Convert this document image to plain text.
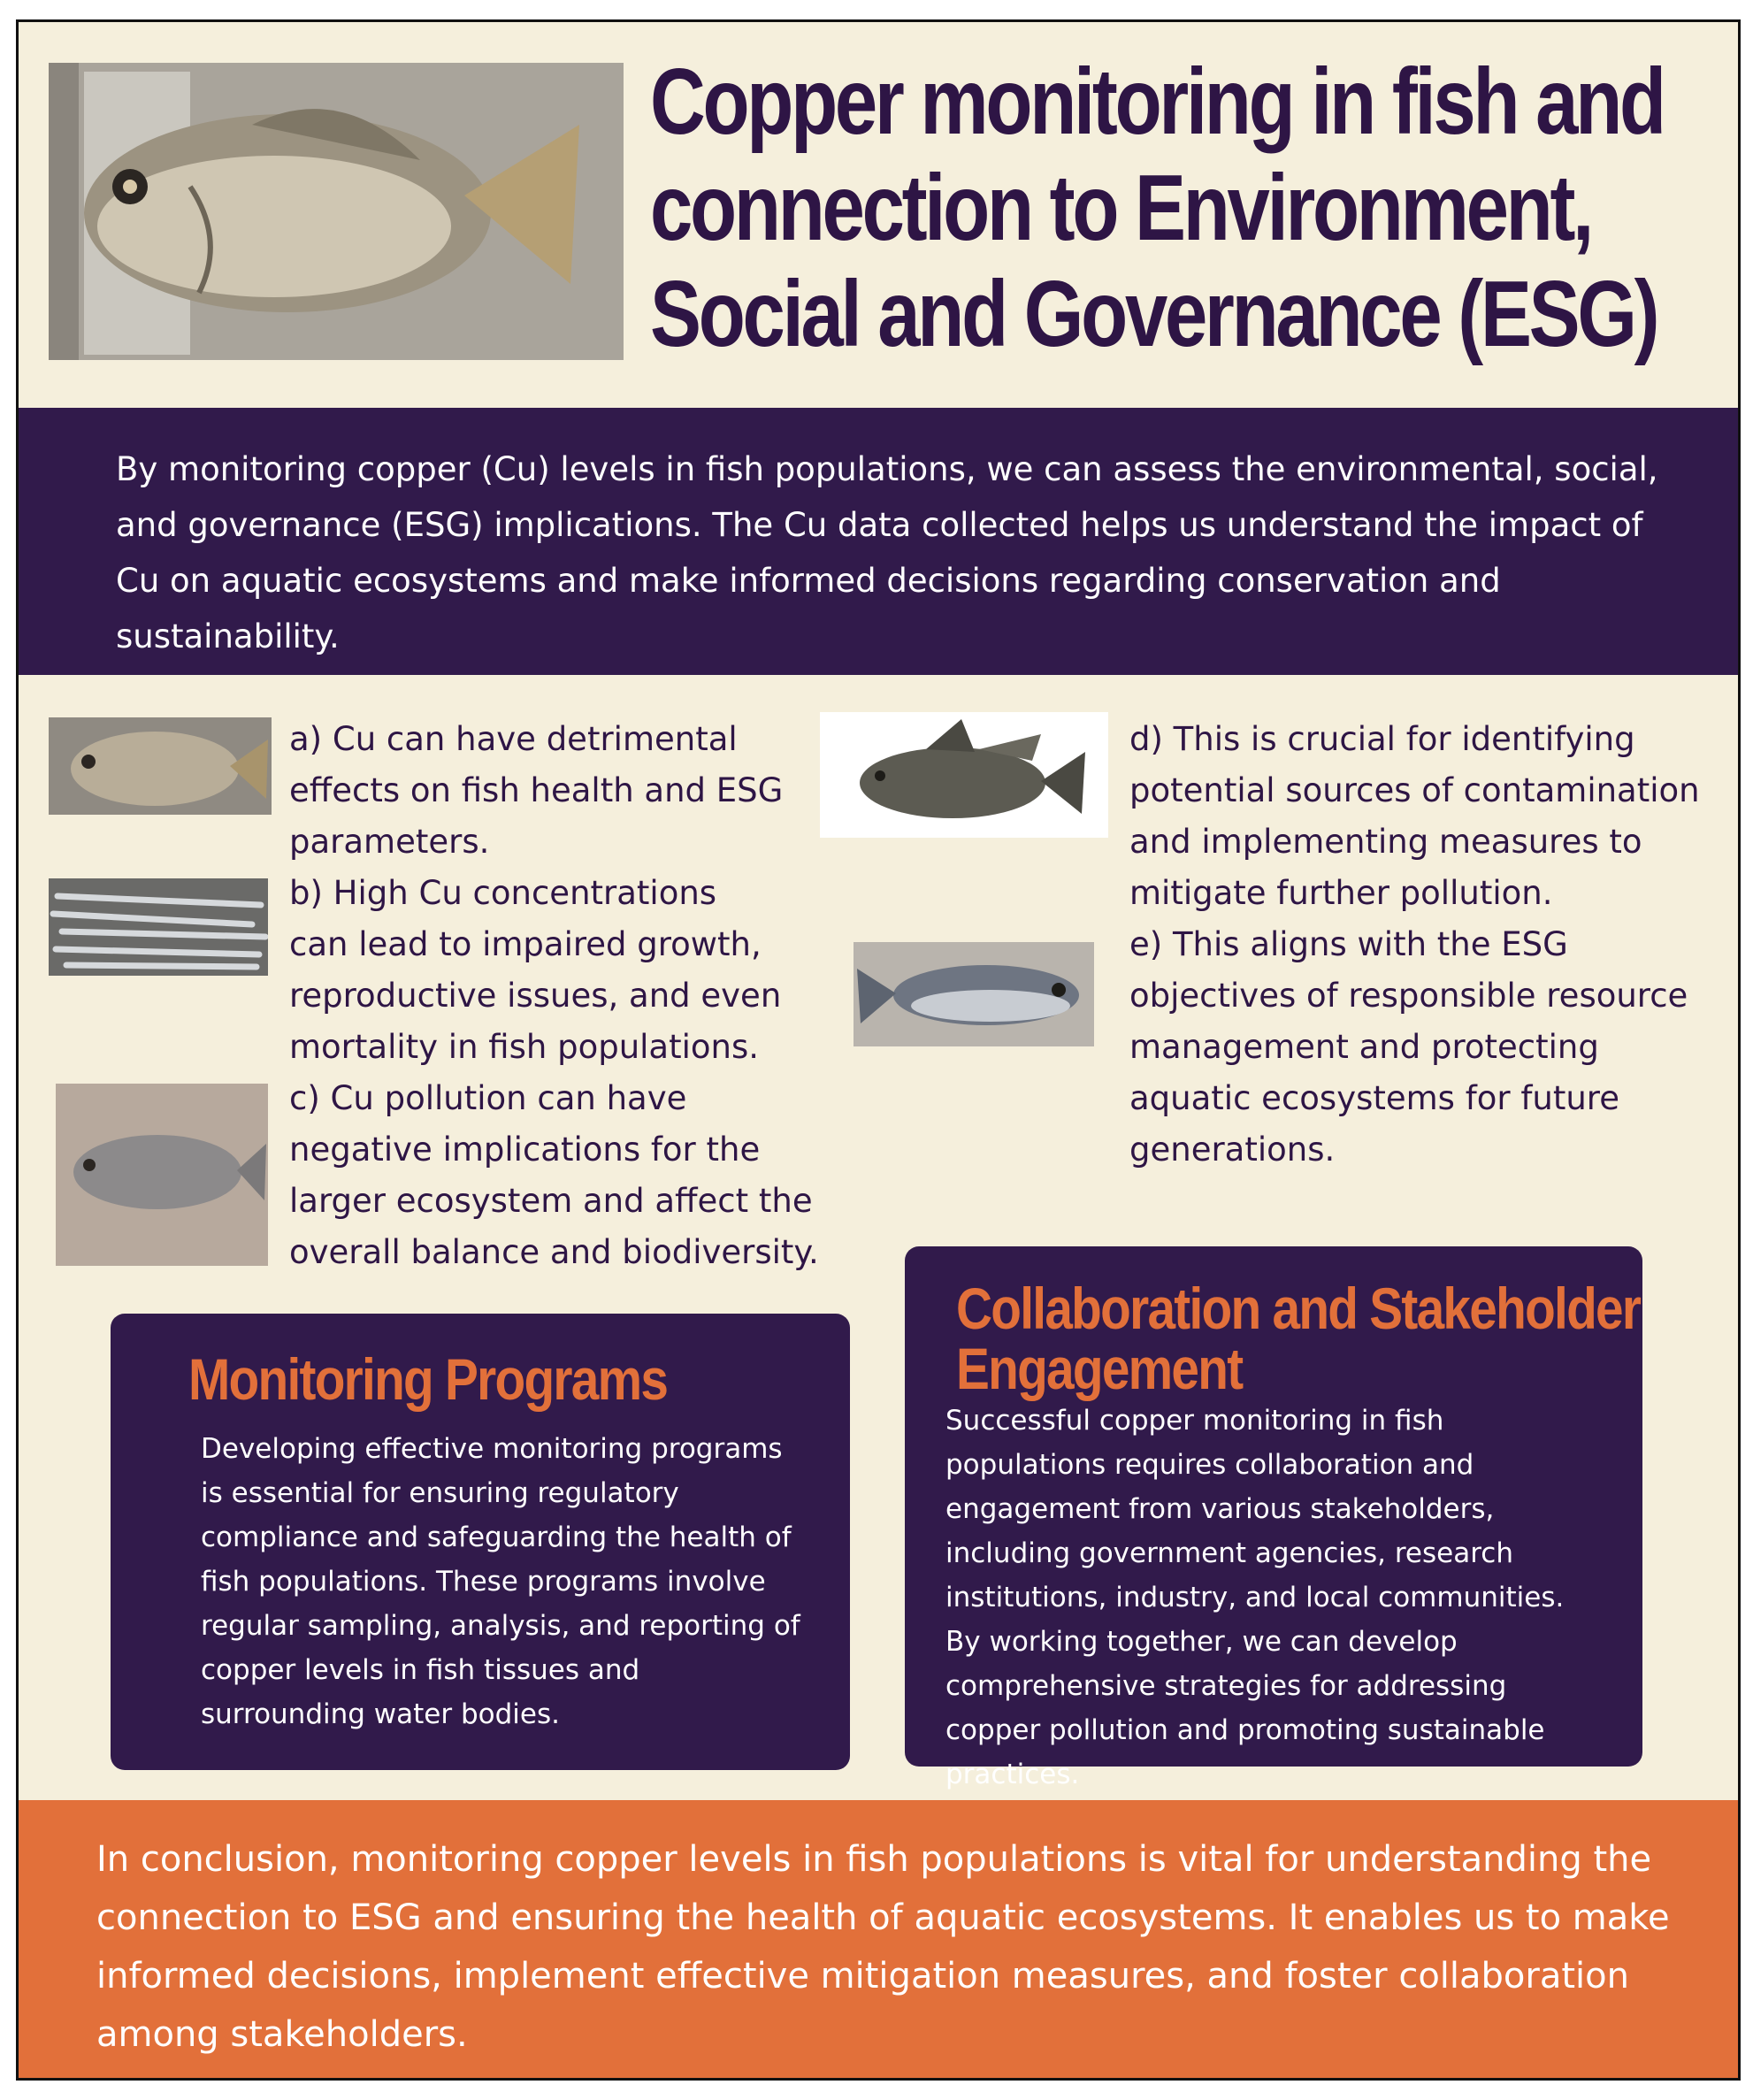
Copper monitoring in fish and
connection to Environment,
Social and Governance (ESG)

By monitoring copper (Cu) levels in fish populations, we can assess the environmental, social, and governance (ESG) implications. The Cu data collected helps us understand the impact of Cu on aquatic ecosystems and make informed decisions regarding conservation and sustainability.

a) Cu can have detrimental effects on fish health and ESG parameters.

b) High Cu concentrations can lead to impaired growth, reproductive issues, and even mortality in fish populations.

c) Cu pollution can have negative implications for the larger ecosystem and affect the overall balance and biodiversity.

d) This is crucial for identifying potential sources of contamination and implementing measures to mitigate further pollution.

e) This aligns with the ESG objectives of responsible resource management and protecting aquatic ecosystems for future generations.

Monitoring Programs

Developing effective monitoring programs is essential for ensuring regulatory compliance and safeguarding the health of fish populations. These programs involve regular sampling, analysis, and reporting of copper levels in fish tissues and surrounding water bodies.

Collaboration and Stakeholder
Engagement

Successful copper monitoring in fish populations requires collaboration and engagement from various stakeholders, including government agencies, research institutions, industry, and local communities. By working together, we can develop comprehensive strategies for addressing copper pollution and promoting sustainable practices.

In conclusion, monitoring copper levels in fish populations is vital for understanding the connection to ESG and ensuring the health of aquatic ecosystems. It enables us to make informed decisions, implement effective mitigation measures, and foster collaboration among stakeholders.
